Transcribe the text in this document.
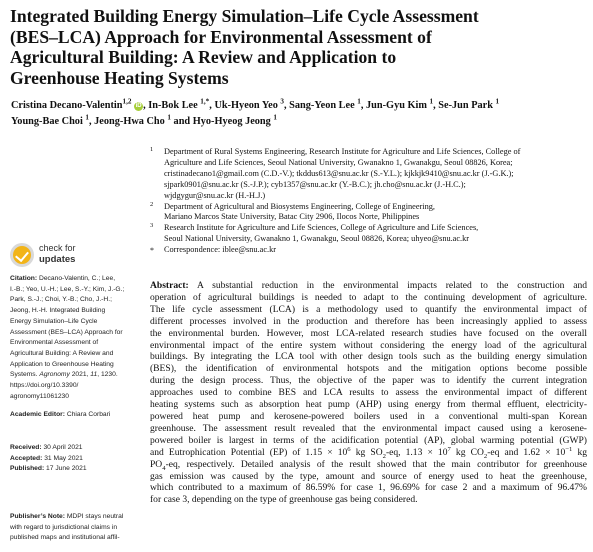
Integrated Building Energy Simulation–Life Cycle Assessment
(BES–LCA) Approach for Environmental Assessment of
Agricultural Building: A Review and Application to
Greenhouse Heating Systems
Cristina Decano-Valentin$^{1,2}$ iD , In-Bok Lee $^{1,*}$, Uk-Hyeon Yeo $^3$, Sang-Yeon Lee $^1$, Jun-Gyu Kim $^1$, Se-Jun Park $^1$
Young-Bae Choi $^1$, Jeong-Hwa Cho $^1$ and Hyo-Hyeog Jeong $^1$
1 Department of Rural Systems Engineering, Research Institute for Agriculture and Life Sciences, College of
Agriculture and Life Sciences, Seoul National University, Gwanakno 1, Gwanakgu, Seoul 08826, Korea;
cristinadecano1@gmail.com (C.D.-V.); tkddus613@snu.ac.kr (S.-Y.L.); kjkkjk9410@snu.ac.kr (J.-G.K.);
sjpark0901@snu.ac.kr (S.-J.P.); cyb1357@snu.ac.kr (Y.-B.C.); jh.cho@snu.ac.kr (J.-H.C.);
wjdgygur@snu.ac.kr (H.-H.J.)
2 Department of Agricultural and Biosystems Engineering, College of Engineering,
Mariano Marcos State University, Batac City 2906, Ilocos Norte, Philippines
3 Research Institute for Agriculture and Life Sciences, College of Agriculture and Life Sciences,
Seoul National University, Gwanakno 1, Gwanakgu, Seoul 08826, Korea; uhyeo@snu.ac.kr
* Correspondence: iblee@snu.ac.kr
check for
updates
Citation: Decano-Valentin, C.; Lee,
I.-B.; Yeo, U.-H.; Lee, S.-Y.; Kim, J.-G.;
Park, S.-J.; Choi, Y.-B.; Cho, J.-H.;
Jeong, H.-H. Integrated Building
Energy Simulation–Life Cycle
Assessment (BES–LCA) Approach for
Environmental Assessment of
Agricultural Building: A Review and
Application to Greenhouse Heating
Systems. Agronomy 2021, 11, 1230.
https://doi.org/10.3390/
agronomy11061230
Academic Editor: Chiara Corbari
Received: 30 April 2021
Accepted: 31 May 2021
Published: 17 June 2021
Publisher’s Note: MDPI stays neutral
with regard to jurisdictional claims in
published maps and institutional affil-
Abstract: A substantial reduction in the environmental impacts related to the construction and
operation of agricultural buildings is needed to adapt to the continuing development of agriculture.
The life cycle assessment (LCA) is a methodology used to quantify the environmental impact of
different processes involved in the production and therefore has been increasingly applied to assess
the environmental burden. However, most LCA-related research studies have focused on the overall
environmental impact of the entire system without considering the energy load of the agricultural
buildings. By integrating the LCA tool with other design tools such as the building energy simulation
(BES), the identification of environmental hotspots and the mitigation options become possible
during the design process. Thus, the objective of the paper was to identify the current integration
approaches used to combine BES and LCA results to assess the environmental impact of different
heating systems such as absorption heat pump (AHP) using energy from thermal effluent, electricity-
powered heat pump and kerosene-powered boilers used in a conventional multi-span Korean
greenhouse. The assessment result revealed that the environmental impact caused using a kerosene-
powered boiler is largest in terms of the acidification potential (AP), global warming potential (GWP)
and Eutrophication Potential (EP) of $1.15 \times 10^6$ kg $SO_2-eq$, $1.13 \times 10^7$ kg $CO_2-eq$ and $1.62 \times 10^{-1}$ kg
$PO_4-eq$, respectively. Detailed analysis of the result showed that the main contributor for greenhouse
gas emission was caused by the type, amount and source of energy used to heat the greenhouse,
which contributed to a maximum of 86.59% for case 1, 96.69% for case 2 and a maximum of 96.47%
for case 3, depending on the type of greenhouse gas being considered.
